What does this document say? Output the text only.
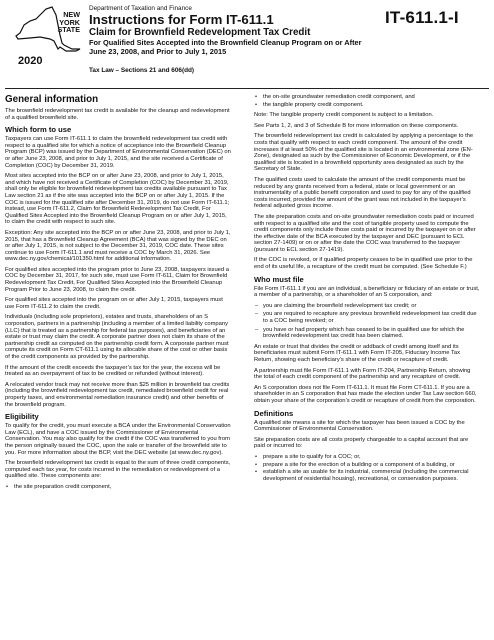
NEW
YORK
STATE
2020
Department of Taxation and Finance
Instructions for Form IT-611.1
Claim for Brownfield Redevelopment Tax Credit
For Qualified Sites Accepted into the Brownfield Cleanup Program on or After June 23, 2008, and Prior to July 1, 2015
Tax Law – Sections 21 and 606(dd)
IT-611.1-I
General information

The brownfield redevelopment tax credit is available for the cleanup and redevelopment of a qualified brownfield site.

Which form to use

Taxpayers can use Form IT-611.1 to claim the brownfield redevelopment tax credit with respect to a qualified site for which a notice of acceptance into the Brownfield Cleanup Program (BCP) was issued by the Department of Environmental Conservation (DEC) on or after June 23, 2008, and prior to July 1, 2015, and the site received a Certificate of Completion (COC) by December 31, 2019.

Most sites accepted into the BCP on or after June 23, 2008, and prior to July 1, 2015, and which have not received a Certificate of Completion (COC) by December 31, 2019, shall only be eligible for brownfield redevelopment tax credits available pursuant to Tax Law section 21 as if the site was accepted into the BCP on or after July 1, 2015. If the COC is issued for the qualified site after December 31, 2019, do not use Form IT-611.1; instead, use Form IT-611.2, Claim for Brownfield Redevelopment Tax Credit, For Qualified Sites Accepted into the Brownfield Cleanup Program on or after July 1, 2015, to claim the credit with respect to such site.

Exception: Any site accepted into the BCP on or after June 23, 2008, and prior to July 1, 2015, that has a Brownfield Cleanup Agreement (BCA) that was signed by the DEC on or after July 1, 2015, is not subject to the December 31, 2019, COC date. These sites continue to use Form IT-611.1 and must receive a COC by March 31, 2026. See www.dec.ny.gov/chemical/101350.html for additional information.

For qualified sites accepted into the program prior to June 23, 2008, taxpayers issued a COC by December 31, 2017, for such site, must use Form IT-611, Claim for Brownfield Redevelopment Tax Credit, For Qualified Sites Accepted into the Brownfield Cleanup Program Prior to June 23, 2008, to claim the credit.

For qualified sites accepted into the program on or after July 1, 2015, taxpayers must use Form IT-611.2 to claim the credit.

Individuals (including sole proprietors), estates and trusts, shareholders of an S corporation, partners in a partnership (including a member of a limited liability company (LLC) that is treated as a partnership for federal tax purposes), and beneficiaries of an estate or trust may claim the credit. A corporate partner does not claim its share of the partnership credit as computed on the partnership credit form. A corporate partner must compute its credit on Form CT-611.1 using its allocable share of the cost or other basis of the credit components as provided by the partnership.

If the amount of the credit exceeds the taxpayer’s tax for the year, the excess will be treated as an overpayment of tax to be credited or refunded (without interest).

A relocated vendor track may not receive more than $25 million in brownfield tax credits (including the brownfield redevelopment tax credit, remediated brownfield credit for real property taxes, and environmental remediation insurance credit) and other benefits of the brownfield program.

Eligibility

To qualify for the credit, you must execute a BCA under the Environmental Conservation Law (ECL), and have a COC issued by the Commissioner of Environmental Conservation. You may also qualify for the credit if the COC was transferred to you from the person originally issued the COC, upon the sale or transfer of the brownfield site to you. For more information about the BCP, visit the DEC website (at www.dec.ny.gov).

The brownfield redevelopment tax credit is equal to the sum of three credit components, computed each tax year, for costs incurred in the remediation or redevelopment of a qualified site. These components are:

• the site preparation credit component,
• the on-site groundwater remediation credit component, and
• the tangible property credit component.

Note: The tangible property credit component is subject to a limitation.

See Parts 1, 2, and 3 of Schedule B for more information on these components.

The brownfield redevelopment tax credit is calculated by applying a percentage to the costs that qualify with respect to each credit component. The amount of the credit increases if at least 50% of the qualified site is located in an environmental zone (EN-Zone), designated as such by the Commissioner of Economic Development, or if the qualified site is located in a brownfield opportunity area designated as such by the Secretary of State.

The qualified costs used to calculate the amount of the credit components must be reduced by any grants received from a federal, state or local government or an instrumentality of a public benefit corporation and used to pay for any of the qualified costs incurred, provided the amount of the grant was not included in the taxpayer’s federal adjusted gross income.

The site preparation costs and on-site groundwater remediation costs paid or incurred with respect to a qualified site and the cost of tangible property used to compute the credit components only include those costs paid or incurred by the taxpayer on or after the effective date of the BCA executed by the taxpayer and DEC (pursuant to ECL section 27-1409) or on or after the date the COC was transferred to the taxpayer (pursuant to ECL section 27-1419).

If the COC is revoked, or if qualified property ceases to be in qualified use prior to the end of its useful life, a recapture of the credit must be computed. (See Schedule F.)

Who must file

File Form IT-611.1 if you are an individual, a beneficiary or fiduciary of an estate or trust, a member of a partnership, or a shareholder of an S corporation, and:

– you are claiming the brownfield redevelopment tax credit; or
– you are required to recapture any previous brownfield redevelopment tax credit due to a COC being revoked; or
– you have or had property which has ceased to be in qualified use for which the brownfield redevelopment tax credit has been claimed.

An estate or trust that divides the credit or addback of credit among itself and its beneficiaries must submit Form IT-611.1 with Form IT-205, Fiduciary Income Tax Return, showing each beneficiary’s share of the credit or recapture of credit.

A partnership must file Form IT-611.1 with Form IT-204, Partnership Return, showing the total of each credit component of the partnership and any recapture of credit.

An S corporation does not file Form IT-611.1. It must file Form CT-611.1. If you are a shareholder in an S corporation that has made the election under Tax Law section 660, obtain your share of the corporation’s credit or recapture of credit from the corporation.

Definitions

A qualified site means a site for which the taxpayer has been issued a COC by the Commissioner of Environmental Conservation.

Site preparation costs are all costs properly chargeable to a capital account that are paid or incurred to:

• prepare a site to qualify for a COC; or,
• prepare a site for the erection of a building or a component of a building, or
• establish a site as usable for its industrial, commercial (including the commercial development of residential housing), recreational, or conservation purposes.
